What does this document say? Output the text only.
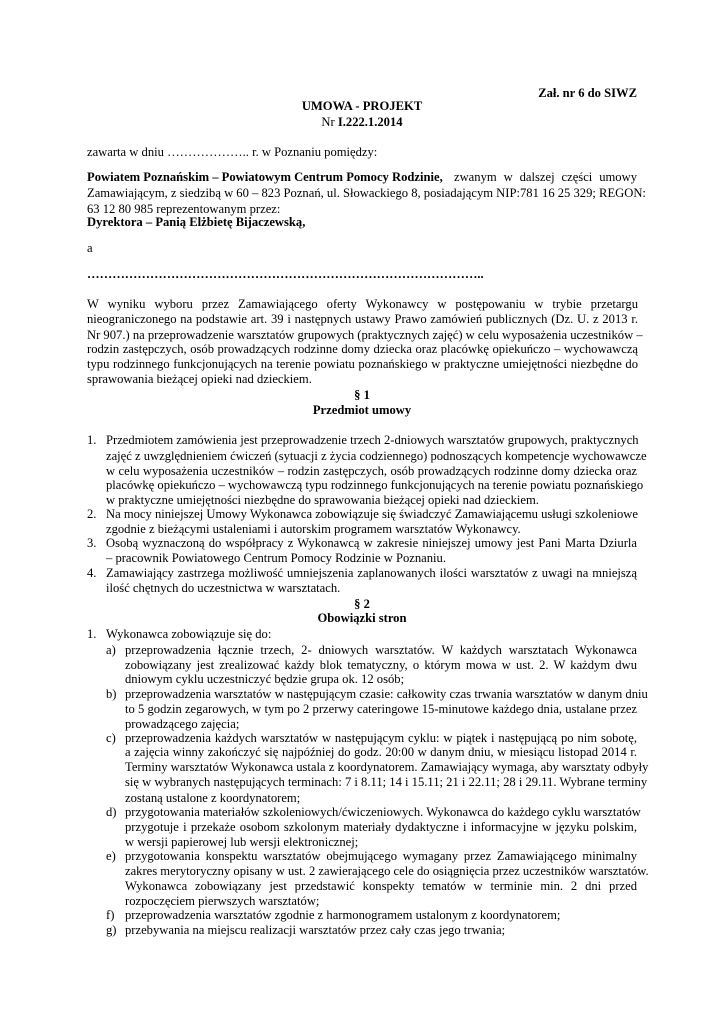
Zał. nr 6 do SIWZ
UMOWA - PROJEKT
Nr I.222.1.2014
zawarta w dniu ……………….. r. w Poznaniu pomiędzy:
Powiatem Poznańskim – Powiatowym Centrum Pomocy Rodzinie, zwanym w dalszej części umowy
Zamawiającym, z siedzibą w 60 – 823 Poznań, ul. Słowackiego 8, posiadającym NIP:781 16 25 329; REGON:
63 12 80 985 reprezentowanym przez:
Dyrektora – Panią Elżbietę Bijaczewską,
a
…………………………………………………………………………………..
W wyniku wyboru przez Zamawiającego oferty Wykonawcy w postępowaniu w trybie przetargu
nieograniczonego na podstawie art. 39 i następnych ustawy Prawo zamówień publicznych (Dz. U. z 2013 r.
Nr 907.) na przeprowadzenie warsztatów grupowych (praktycznych zajęć) w celu wyposażenia uczestników –
rodzin zastępczych, osób prowadzących rodzinne domy dziecka oraz placówkę opiekuńczo – wychowawczą
typu rodzinnego funkcjonujących na terenie powiatu poznańskiego w praktyczne umiejętności niezbędne do
sprawowania bieżącej opieki nad dzieckiem.
§ 1
Przedmiot umowy
1. Przedmiotem zamówienia jest przeprowadzenie trzech 2-dniowych warsztatów grupowych, praktycznych
zajęć z uwzględnieniem ćwiczeń (sytuacji z życia codziennego) podnoszących kompetencje wychowawcze
w celu wyposażenia uczestników – rodzin zastępczych, osób prowadzących rodzinne domy dziecka oraz
placówkę opiekuńczo – wychowawczą typu rodzinnego funkcjonujących na terenie powiatu poznańskiego
w praktyczne umiejętności niezbędne do sprawowania bieżącej opieki nad dzieckiem.
2. Na mocy niniejszej Umowy Wykonawca zobowiązuje się świadczyć Zamawiającemu usługi szkoleniowe
zgodnie z bieżącymi ustaleniami i autorskim programem warsztatów Wykonawcy.
3. Osobą wyznaczoną do współpracy z Wykonawcą w zakresie niniejszej umowy jest Pani Marta Dziurla
– pracownik Powiatowego Centrum Pomocy Rodzinie w Poznaniu.
4. Zamawiający zastrzega możliwość umniejszenia zaplanowanych ilości warsztatów z uwagi na mniejszą
ilość chętnych do uczestnictwa w warsztatach.
§ 2
Obowiązki stron
1. Wykonawca zobowiązuje się do:
a) przeprowadzenia łącznie trzech, 2- dniowych warsztatów. W każdych warsztatach Wykonawca
zobowiązany jest zrealizować każdy blok tematyczny, o którym mowa w ust. 2. W każdym dwu
dniowym cyklu uczestniczyć będzie grupa ok. 12 osób;
b) przeprowadzenia warsztatów w następującym czasie: całkowity czas trwania warsztatów w danym dniu
to 5 godzin zegarowych, w tym po 2 przerwy cateringowe 15-minutowe każdego dnia, ustalane przez
prowadzącego zajęcia;
c) przeprowadzenia każdych warsztatów w następującym cyklu: w piątek i następującą po nim sobotę,
a zajęcia winny zakończyć się najpóźniej do godz. 20:00 w danym dniu, w miesiącu listopad 2014 r.
Terminy warsztatów Wykonawca ustala z koordynatorem. Zamawiający wymaga, aby warsztaty odbyły
się w wybranych następujących terminach: 7 i 8.11; 14 i 15.11; 21 i 22.11; 28 i 29.11. Wybrane terminy
zostaną ustalone z koordynatorem;
d) przygotowania materiałów szkoleniowych/ćwiczeniowych. Wykonawca do każdego cyklu warsztatów
przygotuje i przekaże osobom szkolonym materiały dydaktyczne i informacyjne w języku polskim,
w wersji papierowej lub wersji elektronicznej;
e) przygotowania konspektu warsztatów obejmującego wymagany przez Zamawiającego minimalny
zakres merytoryczny opisany w ust. 2 zawierającego cele do osiągnięcia przez uczestników warsztatów.
Wykonawca zobowiązany jest przedstawić konspekty tematów w terminie min. 2 dni przed
rozpoczęciem pierwszych warsztatów;
f) przeprowadzenia warsztatów zgodnie z harmonogramem ustalonym z koordynatorem;
g) przebywania na miejscu realizacji warsztatów przez cały czas jego trwania;
